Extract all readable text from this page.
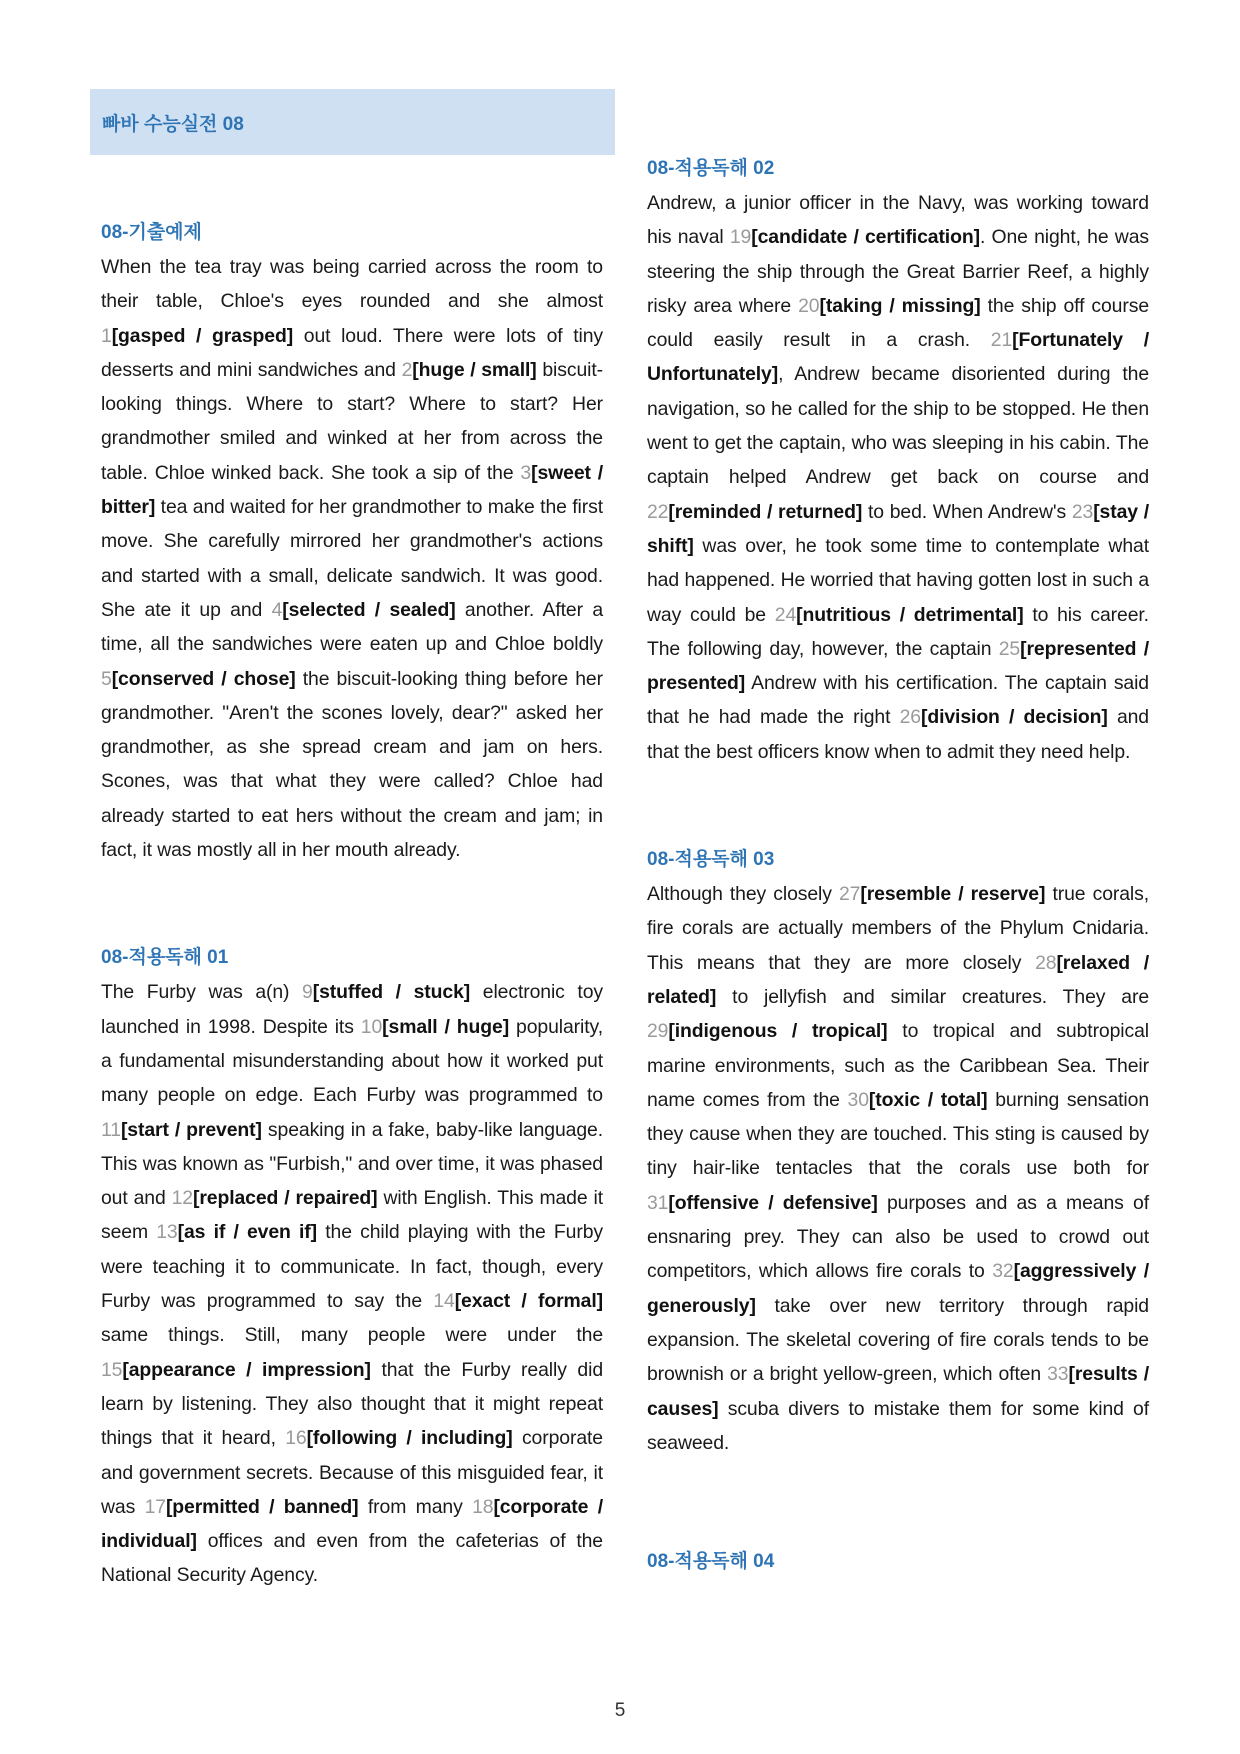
빠바 수능실전 08
08-기출예제

When the tea tray was being carried across the room to their table, Chloe's eyes rounded and she almost 1[gasped / grasped] out loud. There were lots of tiny desserts and mini sandwiches and 2[huge / small] biscuit-looking things. Where to start? Where to start? Her grandmother smiled and winked at her from across the table. Chloe winked back. She took a sip of the 3[sweet / bitter] tea and waited for her grandmother to make the first move. She carefully mirrored her grandmother's actions and started with a small, delicate sandwich. It was good. She ate it up and 4[selected / sealed] another. After a time, all the sandwiches were eaten up and Chloe boldly 5[conserved / chose] the biscuit-looking thing before her grandmother. "Aren't the scones lovely, dear?" asked her grandmother, as she spread cream and jam on hers. Scones, was that what they were called? Chloe had already started to eat hers without the cream and jam; in fact, it was mostly all in her mouth already.

08-적용독해 01

The Furby was a(n) 9[stuffed / stuck] electronic toy launched in 1998. Despite its 10[small / huge] popularity, a fundamental misunderstanding about how it worked put many people on edge. Each Furby was programmed to 11[start / prevent] speaking in a fake, baby-like language. This was known as "Furbish," and over time, it was phased out and 12[replaced / repaired] with English. This made it seem 13[as if / even if] the child playing with the Furby were teaching it to communicate. In fact, though, every Furby was programmed to say the 14[exact / formal] same things. Still, many people were under the 15[appearance / impression] that the Furby really did learn by listening. They also thought that it might repeat things that it heard, 16[following / including] corporate and government secrets. Because of this misguided fear, it was 17[permitted / banned] from many 18[corporate / individual] offices and even from the cafeterias of the National Security Agency.

08-적용독해 02

Andrew, a junior officer in the Navy, was working toward his naval 19[candidate / certification]. One night, he was steering the ship through the Great Barrier Reef, a highly risky area where 20[taking / missing] the ship off course could easily result in a crash. 21[Fortunately / Unfortunately], Andrew became disoriented during the navigation, so he called for the ship to be stopped. He then went to get the captain, who was sleeping in his cabin. The captain helped Andrew get back on course and 22[reminded / returned] to bed. When Andrew's 23[stay / shift] was over, he took some time to contemplate what had happened. He worried that having gotten lost in such a way could be 24[nutritious / detrimental] to his career. The following day, however, the captain 25[represented / presented] Andrew with his certification. The captain said that he had made the right 26[division / decision] and that the best officers know when to admit they need help.

08-적용독해 03

Although they closely 27[resemble / reserve] true corals, fire corals are actually members of the Phylum Cnidaria. This means that they are more closely 28[relaxed / related] to jellyfish and similar creatures. They are 29[indigenous / tropical] to tropical and subtropical marine environments, such as the Caribbean Sea. Their name comes from the 30[toxic / total] burning sensation they cause when they are touched. This sting is caused by tiny hair-like tentacles that the corals use both for 31[offensive / defensive] purposes and as a means of ensnaring prey. They can also be used to crowd out competitors, which allows fire corals to 32[aggressively / generously] take over new territory through rapid expansion. The skeletal covering of fire corals tends to be brownish or a bright yellow-green, which often 33[results / causes] scuba divers to mistake them for some kind of seaweed.

08-적용독해 04
5
